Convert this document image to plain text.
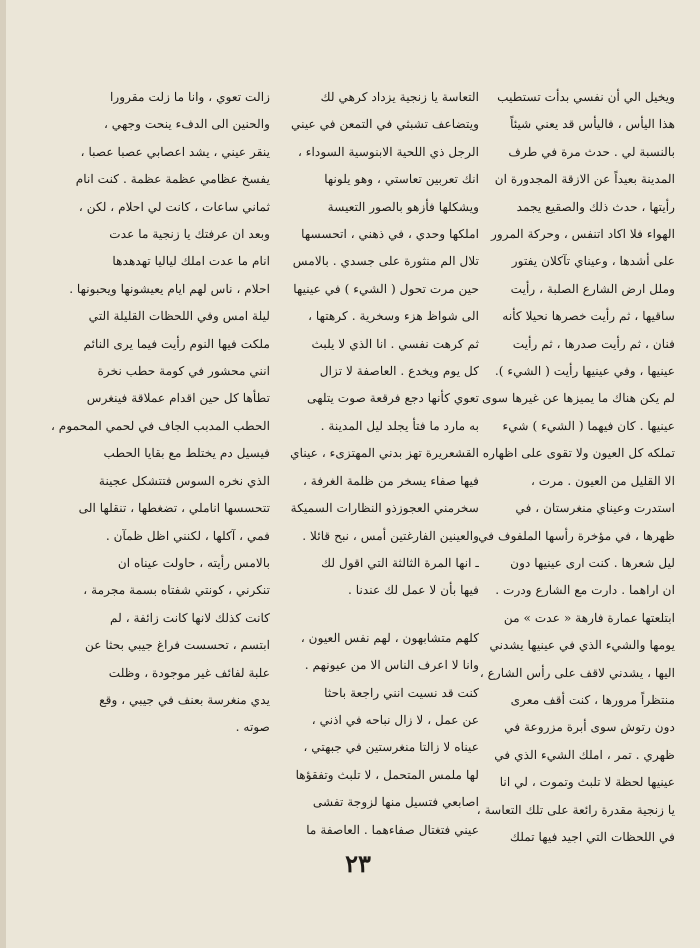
ويخيل الي أن نفسي بدأت تستطيب
هذا اليأس ، فاليأس قد يعني شيئاً
بالنسبة لي . حدث مرة في طرف
المدينة بعيداً عن الازقة المجدورة ان
رأيتها ، حدث ذلك والصقيع يجمد
الهواء فلا اكاد اتنفس ، وحركة المرور
على أشدها ، وعيناي تآكلان يفتور
وملل ارض الشارع الصلبة ، رأيت
ساقيها ، ثم رأيت خصرها نحيلا كأنه
فنان ، ثم رأيت صدرها ، ثم رأيت
عينيها ، وفي عينيها رأيت ( الشيء ).
لم يكن هناك ما يميزها عن غيرها سوى
عينيها . كان فيهما ( الشيء ) شيء
تملكه كل العيون ولا تقوى على اظهاره
الا القليل من العيون . مرت ،
استدرت وعيناي منغرستان ، في
ظهرها ، في مؤخرة رأسها الملفوف في
ليل شعرها . كنت ارى عينيها دون
ان اراهما . دارت مع الشارع ودرت .
ابتلعتها عمارة فارهة « عدت » من
يومها والشيء الذي في عينيها يشدني
اليها ، يشدني لاقف على رأس الشارع ،
منتظراً مرورها ، كنت أقف معرى
دون رتوش سوى أبرة مزروعة في
ظهري . تمر ، املك الشيء الذي في
عينيها لحظة لا تلبث وتموت ، لي انا
يا زنجية مقدرة رائعة على تلك التعاسة ،
في اللحظات التي اجيد فيها تملك
التعاسة يا زنجية يزداد كرهي لك
ويتضاعف تشبثي في التمعن في عيني
الرجل ذي اللحية الابنوسية السوداء ،
انك تعربين تعاستي ، وهو يلونها
ويشكلها فأزهو بالصور التعيسة
املكها وحدي ، في ذهني ، اتحسسها
تلال الم منثورة على جسدي . بالامس
حين مرت تحول ( الشيء ) في عينيها
الى شواظ هزء وسخرية . كرهتها ،
ثم كرهت نفسي . انا الذي لا يلبث
كل يوم ويخدع . العاصفة لا تزال
تعوي كأنها دجع فرقعة صوت يتلهى
به مارد ما فتأ يجلد ليل المدينة .
القشعريرة تهز بدني المهتزىء ، عيناي
فيها صفاء يسخر من ظلمة الغرفة ،
سخرمني العجوزذو النظارات السميكة
والعينين الفارغتين أمس ، نبح قائلا .
ـ انها المرة الثالثة التي اقول لك
فيها بأن لا عمل لك عندنا .
كلهم متشابهون ، لهم نفس العيون ،
وانا لا اعرف الناس الا من عيونهم .
كنت قد نسيت انني راجعة باحثا
عن عمل ، لا زال نباحه في اذني ،
عيناه لا زالتا منغرستين في جبهتي ،
لها ملمس المتحمل ، لا تلبث وتفقؤها
اصابعي فتسيل منها لزوجة تفشى
عيني فتغتال صفاءهما . العاصفة ما
زالت تعوي ، وانا ما زلت مقرورا
والحنين الى الدفء ينحت وجهي ،
ينقر عيني ، يشد اعصابي عصبا عصبا ،
يفسخ عظامي عظمة عظمة . كنت انام
ثماني ساعات ، كانت لي احلام ، لكن ،
وبعد ان عرفتك يا زنجية ما عدت
انام ما عدت املك لياليا تهدهدها
احلام ، ناس لهم ايام يعيشونها ويحبونها .
ليلة امس وفي اللحظات القليلة التي
ملكت فيها النوم رأيت فيما يرى النائم
انني محشور في كومة حطب نخرة
تطأها كل حين اقدام عملاقة فينغرس
الحطب المدبب الجاف في لحمي المحموم ،
فيسيل دم يختلط مع بقايا الحطب
الذي نخره السوس فتتشكل عجينة
تتحسسها اناملي ، تضغطها ، تنقلها الى
فمي ، آكلها ، لكنني اظل ظمآن .
بالامس رأيته ، حاولت عيناه ان
تنكرني ، كونتي شفتاه بسمة مجرمة ،
كانت كذلك لانها كانت زائفة ، لم
ابتسم ، تحسست فراغ جيبي بحثا عن
علبة لفائف غير موجودة ، وظلت
يدي منغرسة بعنف في جيبي ، وقع
صوته .
٢٣
